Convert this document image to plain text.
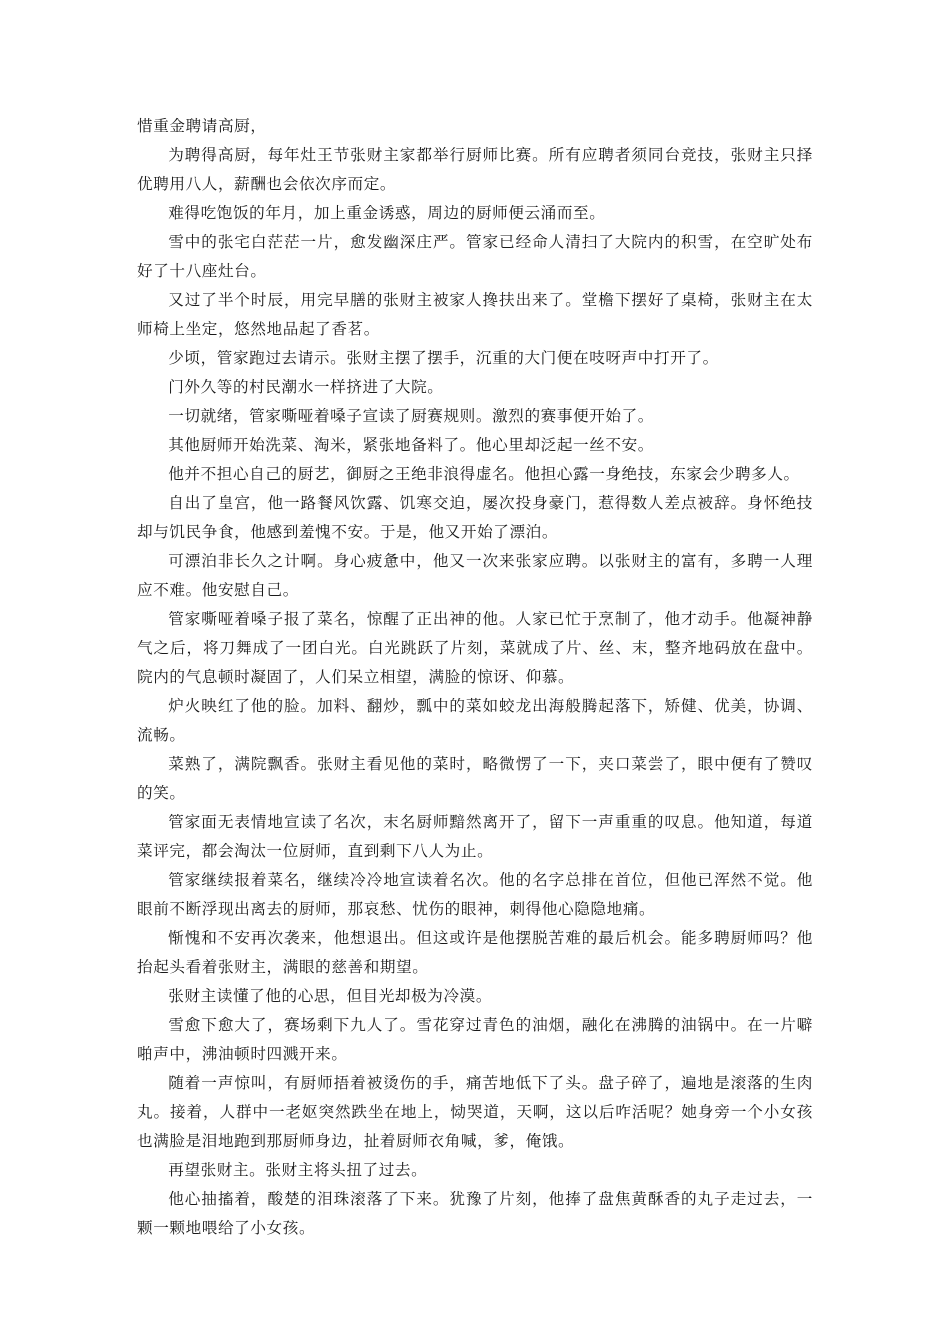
惜重金聘请高厨，

为聘得高厨，每年灶王节张财主家都举行厨师比赛。所有应聘者须同台竞技，张财主只择优聘用八人，薪酬也会依次序而定。

难得吃饱饭的年月，加上重金诱惑，周边的厨师便云涌而至。

雪中的张宅白茫茫一片，愈发幽深庄严。管家已经命人清扫了大院内的积雪，在空旷处布好了十八座灶台。

又过了半个时辰，用完早膳的张财主被家人搀扶出来了。堂檐下摆好了桌椅，张财主在太师椅上坐定，悠然地品起了香茗。

少顷，管家跑过去请示。张财主摆了摆手，沉重的大门便在吱呀声中打开了。

门外久等的村民潮水一样挤进了大院。

一切就绪，管家嘶哑着嗓子宣读了厨赛规则。激烈的赛事便开始了。

其他厨师开始洗菜、淘米，紧张地备料了。他心里却泛起一丝不安。

他并不担心自己的厨艺，御厨之王绝非浪得虚名。他担心露一身绝技，东家会少聘多人。

自出了皇宫，他一路餐风饮露、饥寒交迫，屡次投身豪门，惹得数人差点被辞。身怀绝技却与饥民争食，他感到羞愧不安。于是，他又开始了漂泊。

可漂泊非长久之计啊。身心疲惫中，他又一次来张家应聘。以张财主的富有，多聘一人理应不难。他安慰自己。

管家嘶哑着嗓子报了菜名，惊醒了正出神的他。人家已忙于烹制了，他才动手。他凝神静气之后，将刀舞成了一团白光。白光跳跃了片刻，菜就成了片、丝、末，整齐地码放在盘中。院内的气息顿时凝固了，人们呆立相望，满脸的惊讶、仰慕。

炉火映红了他的脸。加料、翻炒，瓢中的菜如蛟龙出海般腾起落下，矫健、优美，协调、流畅。

菜熟了，满院飘香。张财主看见他的菜时，略微愣了一下，夹口菜尝了，眼中便有了赞叹的笑。

管家面无表情地宣读了名次，末名厨师黯然离开了，留下一声重重的叹息。他知道，每道菜评完，都会淘汰一位厨师，直到剩下八人为止。

管家继续报着菜名，继续冷冷地宣读着名次。他的名字总排在首位，但他已浑然不觉。他眼前不断浮现出离去的厨师，那哀愁、忧伤的眼神，刺得他心隐隐地痛。

惭愧和不安再次袭来，他想退出。但这或许是他摆脱苦难的最后机会。能多聘厨师吗？他抬起头看着张财主，满眼的慈善和期望。

张财主读懂了他的心思，但目光却极为冷漠。

雪愈下愈大了，赛场剩下九人了。雪花穿过青色的油烟，融化在沸腾的油锅中。在一片噼啪声中，沸油顿时四溅开来。

随着一声惊叫，有厨师捂着被烫伤的手，痛苦地低下了头。盘子碎了，遍地是滚落的生肉丸。接着，人群中一老妪突然跌坐在地上，恸哭道，天啊，这以后咋活呢？她身旁一个小女孩也满脸是泪地跑到那厨师身边，扯着厨师衣角喊，爹，俺饿。

再望张财主。张财主将头扭了过去。

他心抽搐着，酸楚的泪珠滚落了下来。犹豫了片刻，他捧了盘焦黄酥香的丸子走过去，一颗一颗地喂给了小女孩。
